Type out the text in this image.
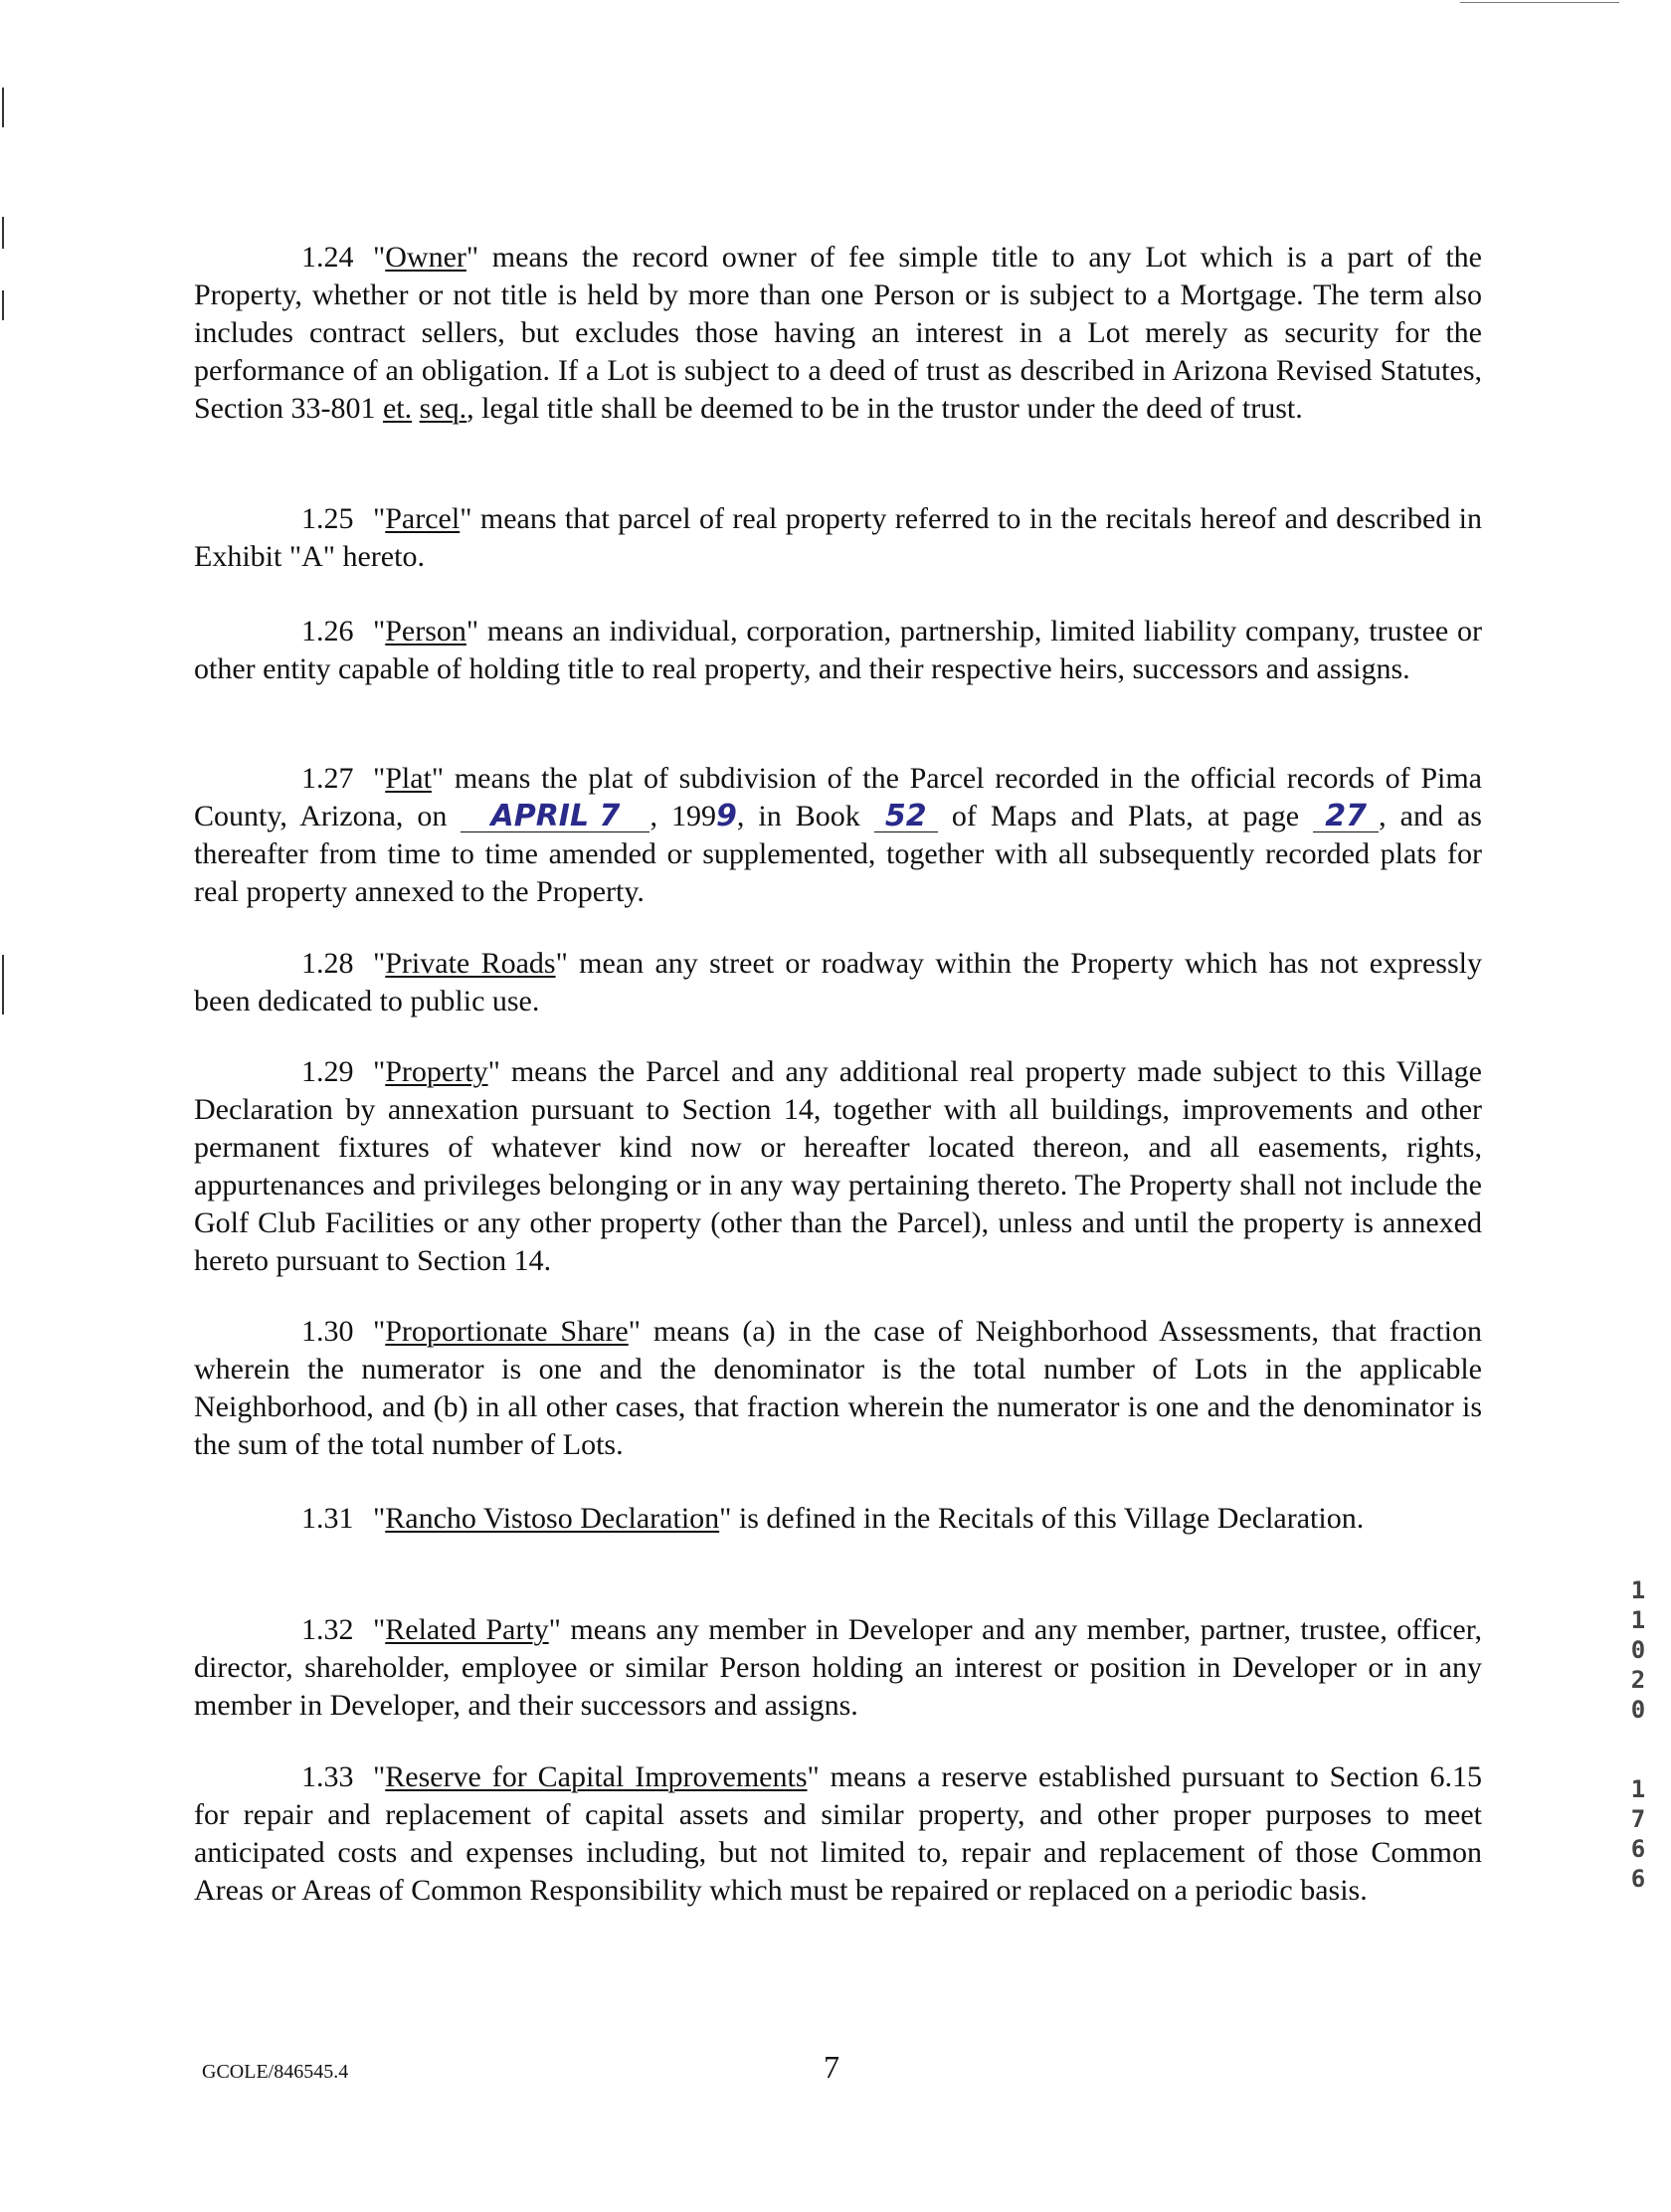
1.24 "Owner" means the record owner of fee simple title to any Lot which is a part of the Property, whether or not title is held by more than one Person or is subject to a Mortgage. The term also includes contract sellers, but excludes those having an interest in a Lot merely as security for the performance of an obligation. If a Lot is subject to a deed of trust as described in Arizona Revised Statutes, Section 33-801 et. seq., legal title shall be deemed to be in the trustor under the deed of trust.

1.25 "Parcel" means that parcel of real property referred to in the recitals hereof and described in Exhibit "A" hereto.

1.26 "Person" means an individual, corporation, partnership, limited liability company, trustee or other entity capable of holding title to real property, and their respective heirs, successors and assigns.

1.27 "Plat" means the plat of subdivision of the Parcel recorded in the official records of Pima County, Arizona, on APRIL 7 , 1999, in Book 52 of Maps and Plats, at page 27 , and as thereafter from time to time amended or supplemented, together with all subsequently recorded plats for real property annexed to the Property.

1.28 "Private Roads" mean any street or roadway within the Property which has not expressly been dedicated to public use.

1.29 "Property" means the Parcel and any additional real property made subject to this Village Declaration by annexation pursuant to Section 14, together with all buildings, improvements and other permanent fixtures of whatever kind now or hereafter located thereon, and all easements, rights, appurtenances and privileges belonging or in any way pertaining thereto. The Property shall not include the Golf Club Facilities or any other property (other than the Parcel), unless and until the property is annexed hereto pursuant to Section 14.

1.30 "Proportionate Share" means (a) in the case of Neighborhood Assessments, that fraction wherein the numerator is one and the denominator is the total number of Lots in the applicable Neighborhood, and (b) in all other cases, that fraction wherein the numerator is one and the denominator is the sum of the total number of Lots.

1.31 "Rancho Vistoso Declaration" is defined in the Recitals of this Village Declaration.

1.32 "Related Party" means any member in Developer and any member, partner, trustee, officer, director, shareholder, employee or similar Person holding an interest or position in Developer or in any member in Developer, and their successors and assigns.

1.33 "Reserve for Capital Improvements" means a reserve established pursuant to Section 6.15 for repair and replacement of capital assets and similar property, and other proper purposes to meet anticipated costs and expenses including, but not limited to, repair and replacement of those Common Areas or Areas of Common Responsibility which must be repaired or replaced on a periodic basis.

GCOLE/846545.4	7
1
1
0
2
0
1
7
6
6
